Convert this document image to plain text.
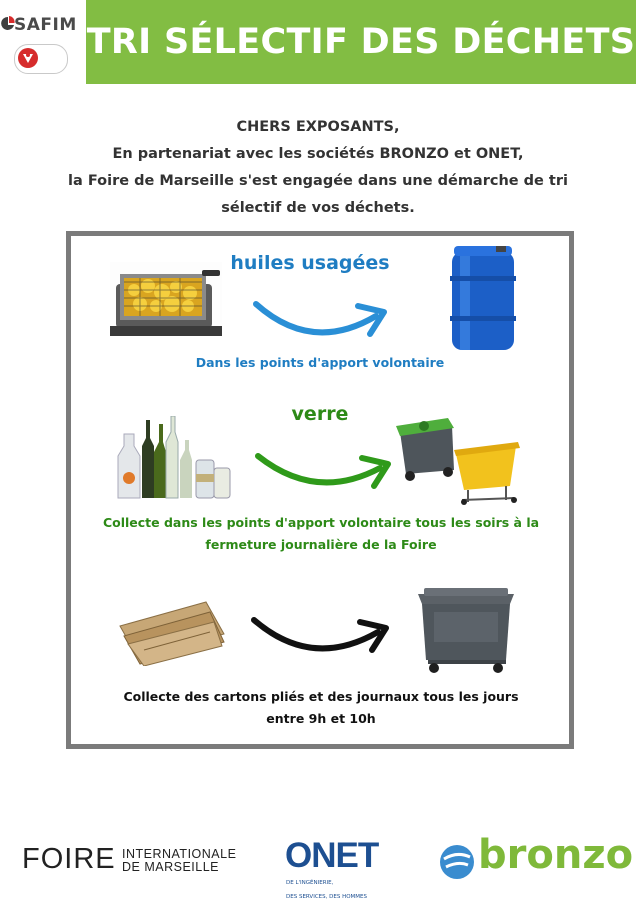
SAFIM TRI SÉLECTIF DES DÉCHETS
CHERS EXPOSANTS,
En partenariat avec les sociétés BRONZO et ONET,
la Foire de Marseille s'est engagée dans une démarche de tri
sélectif de vos déchets.
huiles usagées
Dans les points d'apport volontaire
verre
Collecte dans les points d'apport volontaire tous les soirs à la
fermeture journalière de la Foire
Collecte des cartons pliés et des journaux tous les jours
entre 9h et 10h
FOIRE INTERNATIONALE
DE MARSEILLE	ONET

DE L'INGÉNIERIE,

DES SERVICES, DES HOMMES

bronzo
